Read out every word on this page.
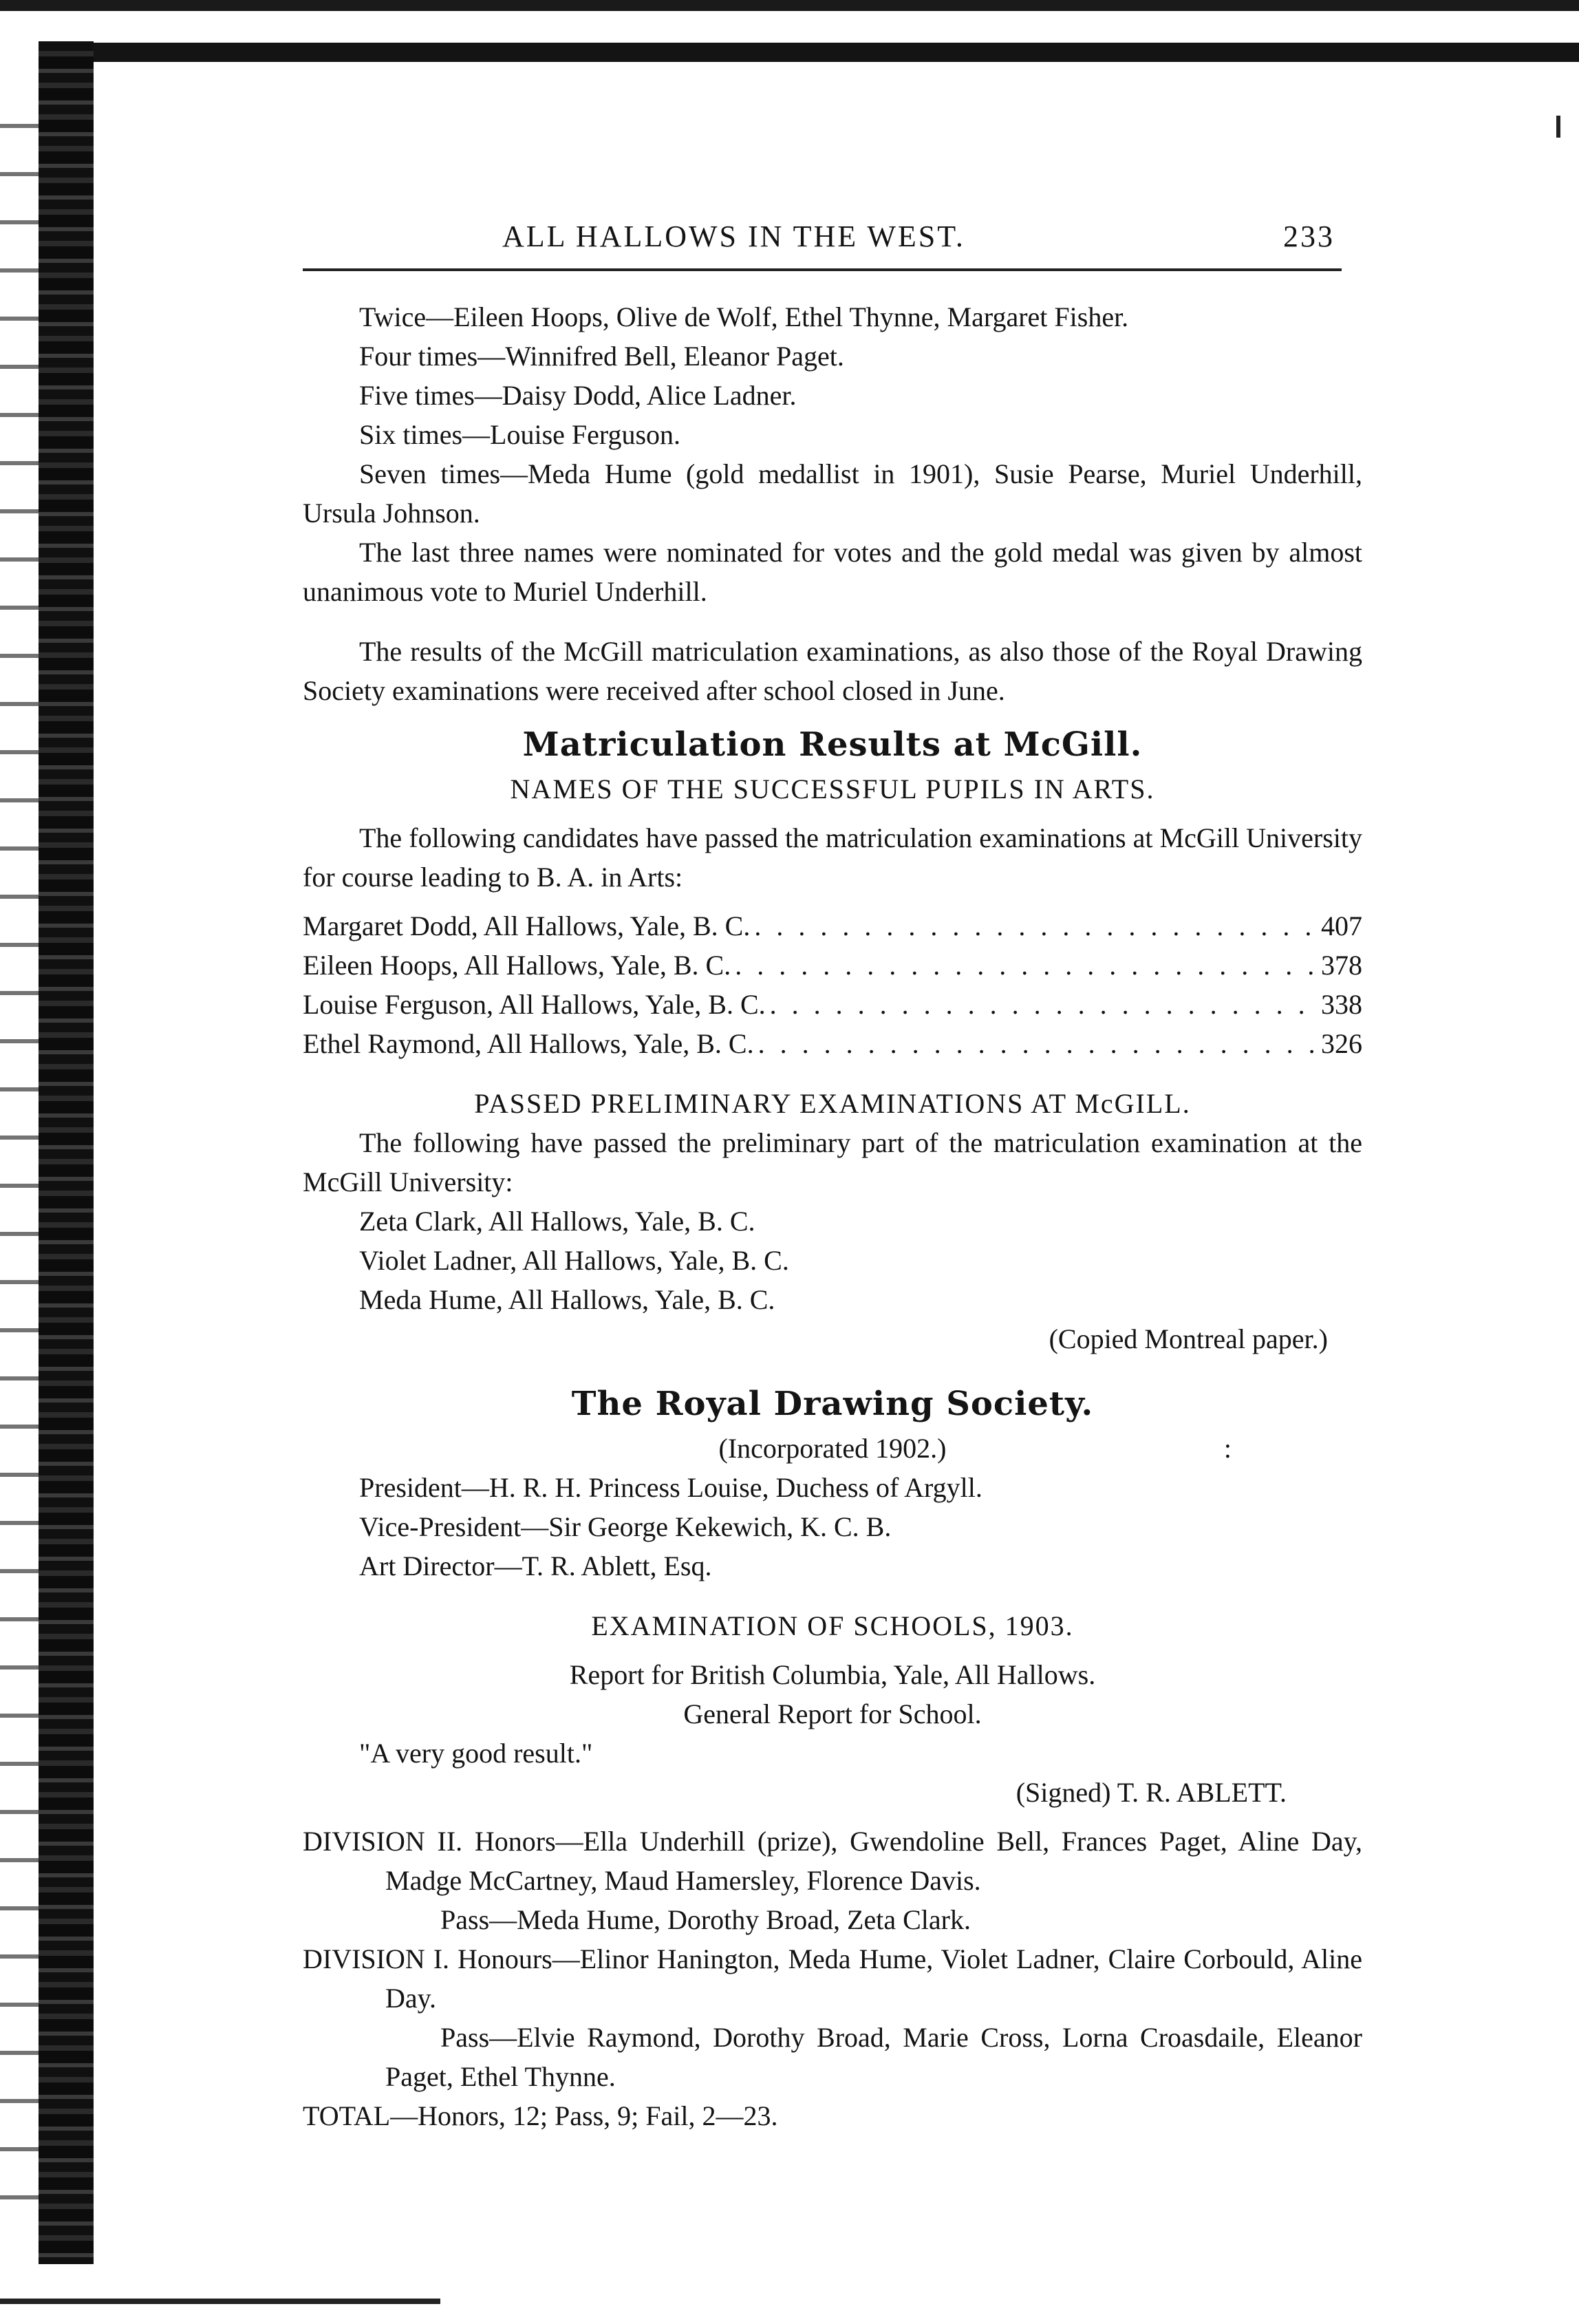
ALL HALLOWS IN THE WEST.	233

Twice—Eileen Hoops, Olive de Wolf, Ethel Thynne, Margaret Fisher.

Four times—Winnifred Bell, Eleanor Paget.

Five times—Daisy Dodd, Alice Ladner.

Six times—Louise Ferguson.

Seven times—Meda Hume (gold medallist in 1901), Susie Pearse, Muriel Underhill, Ursula Johnson.

The last three names were nominated for votes and the gold medal was given by almost unanimous vote to Muriel Underhill.

The results of the McGill matriculation examinations, as also those of the Royal Drawing Society examinations were received after school closed in June.

Matriculation Results at McGill.

NAMES OF THE SUCCESSFUL PUPILS IN ARTS.

The following candidates have passed the matriculation examinations at McGill University for course leading to B. A. in Arts:

Margaret Dodd, All Hallows, Yale, B. C. . . .	407
Eileen Hoops, All Hallows, Yale, B. C. . . .	378
Louise Ferguson, All Hallows, Yale, B. C. . . .	338
Ethel Raymond, All Hallows, Yale, B. C. . . .	326

PASSED PRELIMINARY EXAMINATIONS AT McGILL.

The following have passed the preliminary part of the matriculation examination at the McGill University:

Zeta Clark, All Hallows, Yale, B. C.

Violet Ladner, All Hallows, Yale, B. C.

Meda Hume, All Hallows, Yale, B. C.

(Copied Montreal paper.)

The Royal Drawing Society.

(Incorporated 1902.)	:

President—H. R. H. Princess Louise, Duchess of Argyll.

Vice-President—Sir George Kekewich, K. C. B.

Art Director—T. R. Ablett, Esq.

EXAMINATION OF SCHOOLS, 1903.

Report for British Columbia, Yale, All Hallows.

General Report for School.

"A very good result."

(Signed) T. R. ABLETT.

DIVISION II. Honors—Ella Underhill (prize), Gwendoline Bell, Frances Paget, Aline Day, Madge McCartney, Maud Hamersley, Florence Davis.

Pass—Meda Hume, Dorothy Broad, Zeta Clark.

DIVISION I. Honours—Elinor Hanington, Meda Hume, Violet Ladner, Claire Corbould, Aline Day.

Pass—Elvie Raymond, Dorothy Broad, Marie Cross, Lorna Croasdaile, Eleanor Paget, Ethel Thynne.

TOTAL—Honors, 12; Pass, 9; Fail, 2—23.
